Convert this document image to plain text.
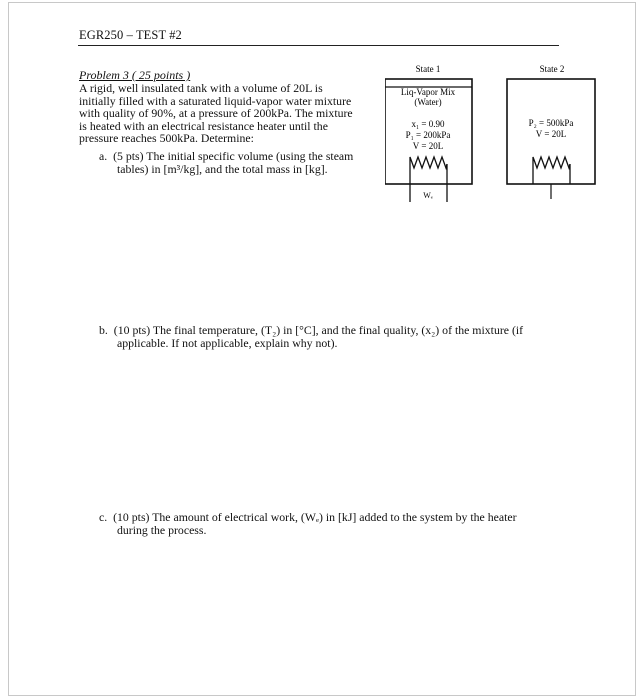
EGR250 – TEST #2
Problem 3 ( 25 points )
A rigid, well insulated tank with a volume of 20L is
initially filled with a saturated liquid-vapor water mixture
with quality of 90%, at a pressure of 200kPa. The mixture
is heated with an electrical resistance heater until the
pressure reaches 500kPa. Determine:
a. (5 pts) The initial specific volume (using the steam
tables) in [m³/kg], and the total mass in [kg].
State 1
Liq-Vapor Mix
(Water)
x₁ = 0.90
P₁ = 200kPa
V = 20L
Wₑ
State 2
P₂ = 500kPa
V = 20L
b. (10 pts) The final temperature, (T₂) in [°C], and the final quality, (x₂) of the mixture (if
applicable. If not applicable, explain why not).
c. (10 pts) The amount of electrical work, (Wₑ) in [kJ] added to the system by the heater
during the process.
